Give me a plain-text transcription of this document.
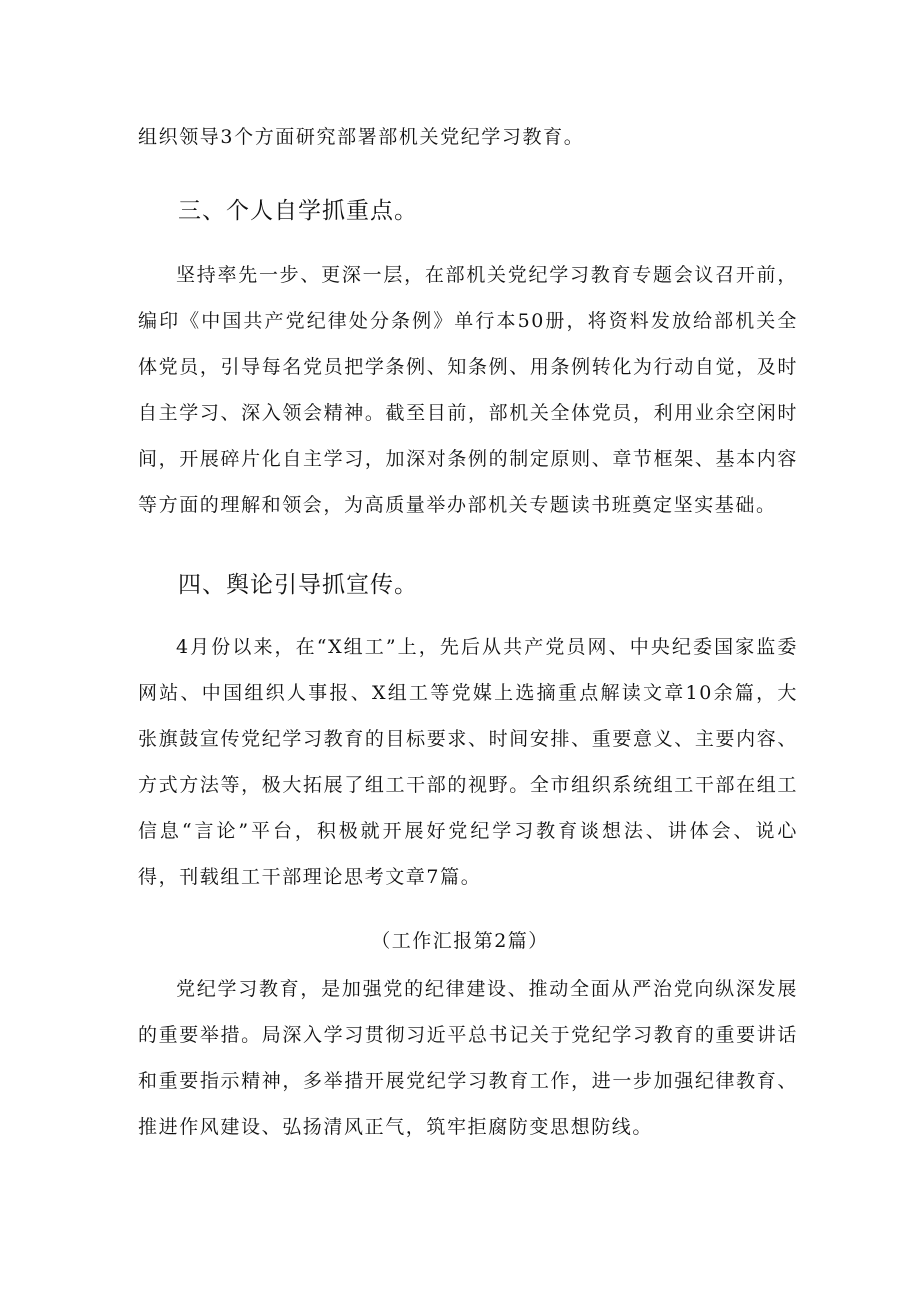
组织领导3个方面研究部署部机关党纪学习教育。

三、个人自学抓重点。

坚持率先一步、更深一层，在部机关党纪学习教育专题会议召开前，编印《中国共产党纪律处分条例》单行本50册，将资料发放给部机关全体党员，引导每名党员把学条例、知条例、用条例转化为行动自觉，及时自主学习、深入领会精神。截至目前，部机关全体党员，利用业余空闲时间，开展碎片化自主学习，加深对条例的制定原则、章节框架、基本内容等方面的理解和领会，为高质量举办部机关专题读书班奠定坚实基础。

四、舆论引导抓宣传。

4月份以来，在“X组工”上，先后从共产党员网、中央纪委国家监委网站、中国组织人事报、X组工等党媒上选摘重点解读文章10余篇，大张旗鼓宣传党纪学习教育的目标要求、时间安排、重要意义、主要内容、方式方法等，极大拓展了组工干部的视野。全市组织系统组工干部在组工信息“言论”平台，积极就开展好党纪学习教育谈想法、讲体会、说心得，刊载组工干部理论思考文章7篇。

（工作汇报第2篇）

党纪学习教育，是加强党的纪律建设、推动全面从严治党向纵深发展的重要举措。局深入学习贯彻习近平总书记关于党纪学习教育的重要讲话和重要指示精神，多举措开展党纪学习教育工作，进一步加强纪律教育、推进作风建设、弘扬清风正气，筑牢拒腐防变思想防线。
